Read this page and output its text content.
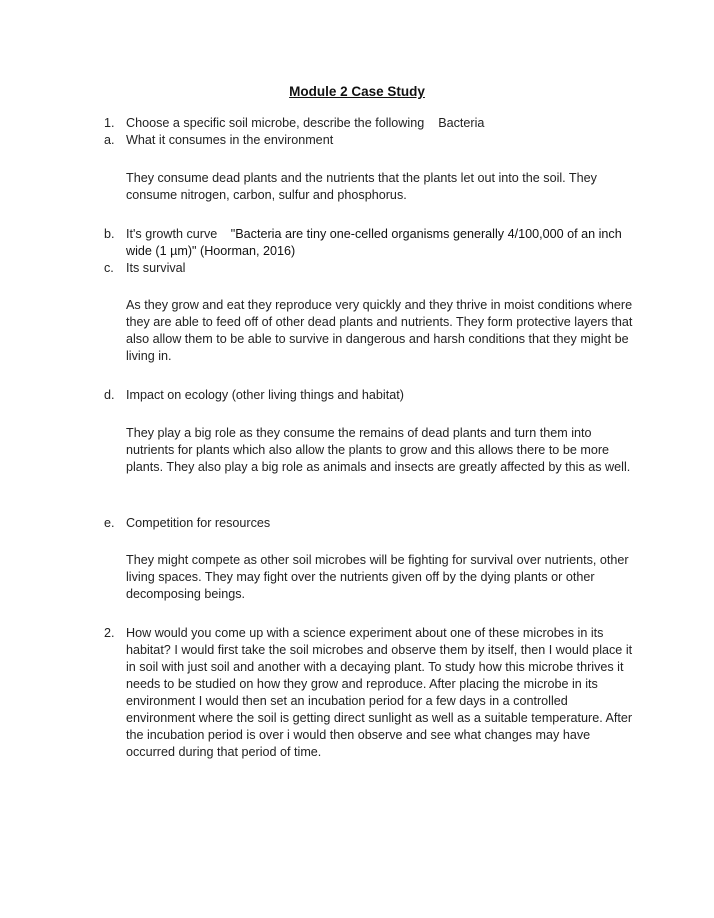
Module 2 Case Study
1. Choose a specific soil microbe, describe the following Bacteria
a. What it consumes in the environment
They consume dead plants and the nutrients that the plants let out into the soil. They consume nitrogen, carbon, sulfur and phosphorus.
b. It's growth curve "Bacteria are tiny one-celled organisms generally 4/100,000 of an inch wide (1 µm)" (Hoorman, 2016)
c. Its survival
As they grow and eat they reproduce very quickly and they thrive in moist conditions where they are able to feed off of other dead plants and nutrients. They form protective layers that also allow them to be able to survive in dangerous and harsh conditions that they might be living in.
d. Impact on ecology (other living things and habitat)
They play a big role as they consume the remains of dead plants and turn them into nutrients for plants which also allow the plants to grow and this allows there to be more plants. They also play a big role as animals and insects are greatly affected by this as well.
e. Competition for resources
They might compete as other soil microbes will be fighting for survival over nutrients, other living spaces. They may fight over the nutrients given off by the dying plants or other decomposing beings.
2. How would you come up with a science experiment about one of these microbes in its habitat? I would first take the soil microbes and observe them by itself, then I would place it in soil with just soil and another with a decaying plant. To study how this microbe thrives it needs to be studied on how they grow and reproduce. After placing the microbe in its environment I would then set an incubation period for a few days in a controlled environment where the soil is getting direct sunlight as well as a suitable temperature. After the incubation period is over i would then observe and see what changes may have occurred during that period of time.
